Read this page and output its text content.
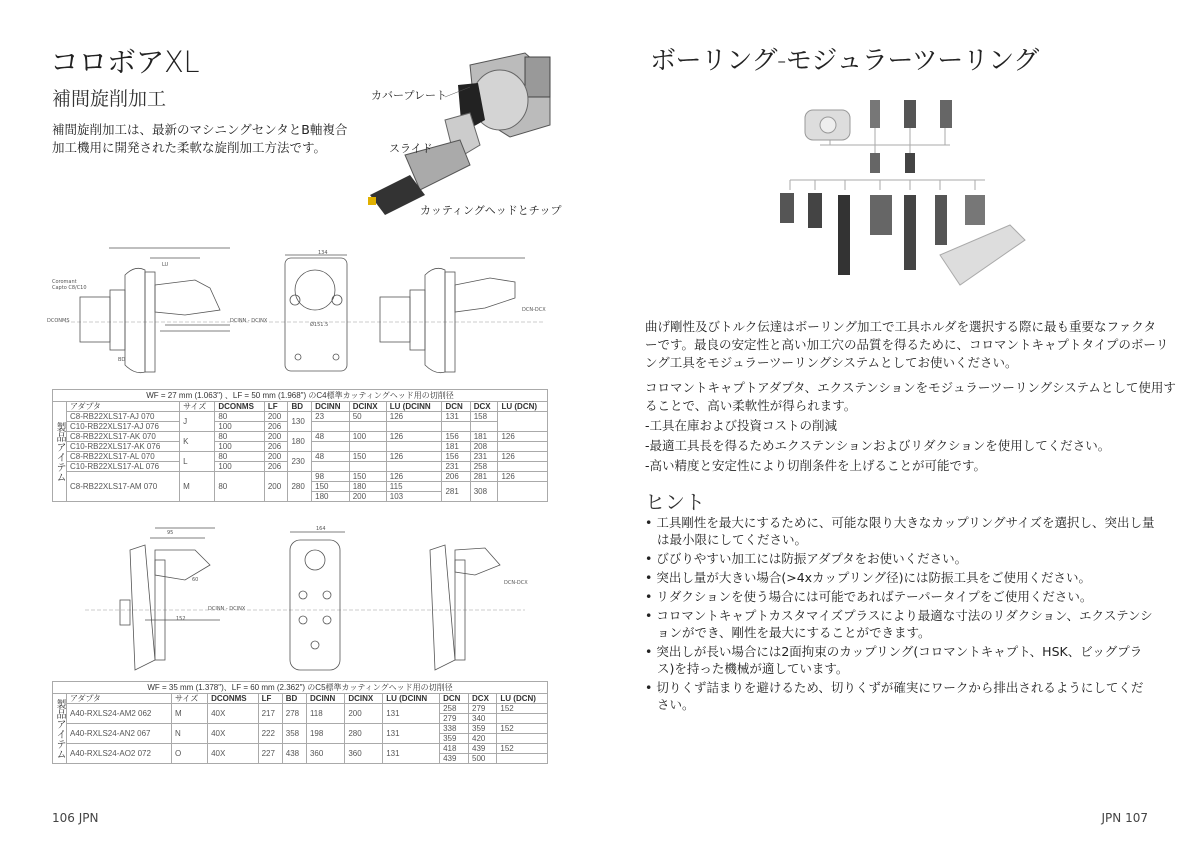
コロボアXL
補間旋削加工
補間旋削加工は、最新のマシニングセンタとB軸複合
加工機用に開発された柔軟な旋削加工方法です。
カバープレート
スライド
カッティングヘッドとチップ
Coromant
Capto C8/C10
DCONMS	DCINN - DCINX
Ø151.5
DCN-DCX
134
LU
BD
WF = 27 mm (1.063") 、LF = 50 mm (1.968") のC4標準カッティングヘッド用の切削径											
製品アイテム	アダプタ	サイズ	DCONMS	LF	BD	DCINN	DCINX	LU (DCINN	DCN	DCX	LU (DCN)
	C8-RB22XLS17-AJ 070	J	80	200	130	23	50	126	131	158	
	C10-RB22XLS17-AJ 076		100	206							
	C8-RB22XLS17-AK 070	K	80	200	180	48	100	126	156	181	126
	C10-RB22XLS17-AK 076		100	206					181	208	
	C8-RB22XLS17-AL 070	L	80	200	230	48	150	126	156	231	126
	C10-RB22XLS17-AL 076		100	206					231	258	
	C8-RB22XLS17-AM 070	M	80	200	280	98	150	126	206	281	126
						150	180	115	281	308	
						180	200	103			
164
95
60
152
DCINN - DCINX
DCN-DCX
WF = 35 mm (1.378")、LF = 60 mm (2.362") のC5標準カッティングヘッド用の切削径											
製品アイテム	アダプタ	サイズ	DCONMS	LF	BD	DCINN	DCINX	LU (DCINN	DCN	DCX	LU (DCN)
	A40-RXLS24-AM2 062	M	40X	217	278	118	200	131	258	279	152
									279	340	
	A40-RXLS24-AN2 067	N	40X	222	358	198	280	131	338	359	152
									359	420	
	A40-RXLS24-AO2 072	O	40X	227	438	360	360	131	418	439	152
									439	500	
106 JPN
ボーリング-モジュラーツーリング
曲げ剛性及びトルク伝達はボーリング加工で工具ホルダを選択する際に最も重要なファクタ
ーです。最良の安定性と高い加工穴の品質を得るために、コロマントキャプトタイプのボーリ
ング工具をモジュラーツーリングシステムとしてお使いください。
コロマントキャプトアダプタ、エクステンションをモジュラーツーリングシステムとして使用す
ることで、高い柔軟性が得られます。
-工具在庫および投資コストの削減
-最適工具長を得るためエクステンションおよびリダクションを使用してください。
-高い精度と安定性により切削条件を上げることが可能です。
ヒント
• 工具剛性を最大にするために、可能な限り大きなカップリングサイズを選択し、突出し量は最小限にしてください。
• びびりやすい加工には防振アダプタをお使いください。
• 突出し量が大きい場合(>4xカップリング径)には防振工具をご使用ください。
• リダクションを使う場合には可能であればテーパータイプをご使用ください。
• コロマントキャプトカスタマイズプラスにより最適な寸法のリダクション、エクステンションができ、剛性を最大にすることができます。
• 突出しが長い場合には2面拘束のカップリング(コロマントキャプト、HSK、ビッグプラス)を持った機械が適しています。
• 切りくず詰まりを避けるため、切りくずが確実にワークから排出されるようにしてください。
JPN 107
